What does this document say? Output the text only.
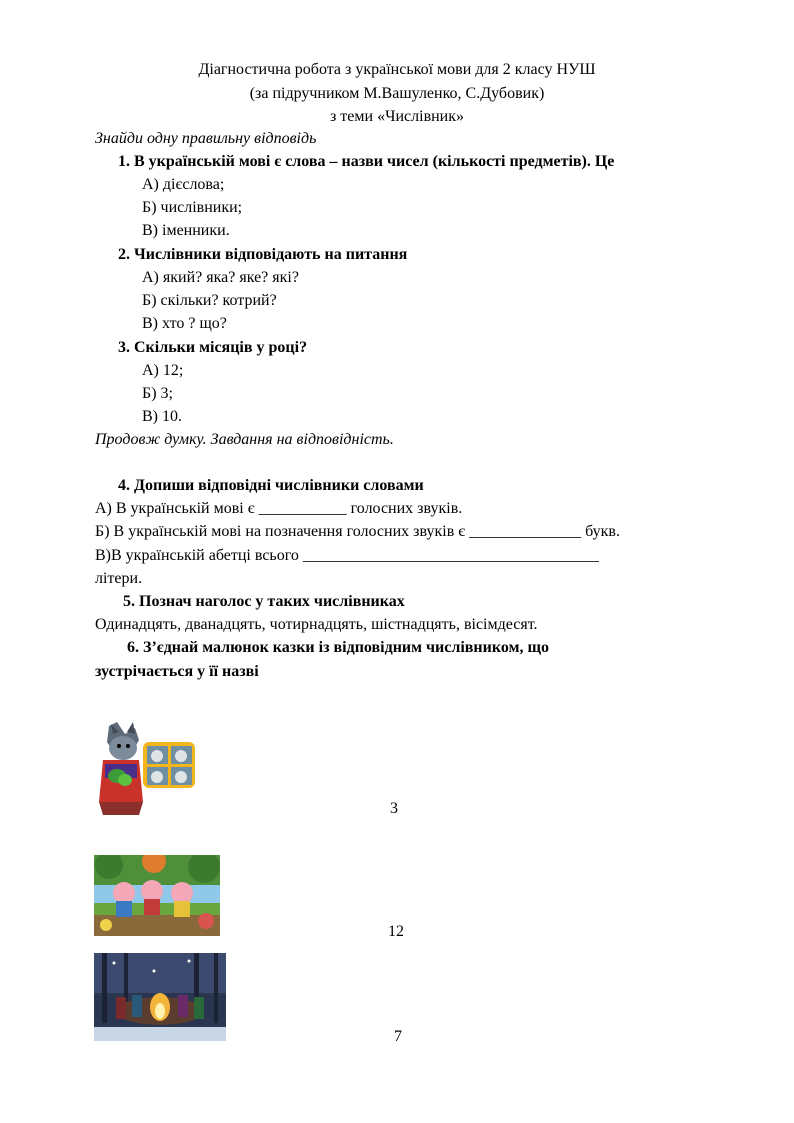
Діагностична робота з української мови для 2 класу НУШ
(за підручником М.Вашуленко, С.Дубовик)
з теми «Числівник»
Знайди одну правильну відповідь
1. В українській мові є слова – назви чисел (кількості предметів). Це
А) дієслова;
Б) числівники;
В) іменники.
2. Числівники відповідають на питання
А) який? яка? яке? які?
Б) скільки? котрий?
В) хто ? що?
3. Скільки місяців у році?
А) 12;
Б) 3;
В) 10.
Продовж думку. Завдання на відповідність.
4. Допиши відповідні числівники словами
А) В українській мові є ___________ голосних звуків.
Б) В українській мові на позначення голосних звуків є ______________ букв.
В)В українській абетці всього _____________________________________
літери.
5. Познач наголос у таких числівниках
Одинадцять, дванадцять, чотирнадцять, шістнадцять, вісімдесят.
6. З’єднай малюнок казки із відповідним числівником, що
зустрічається у її назві
3
12
7
